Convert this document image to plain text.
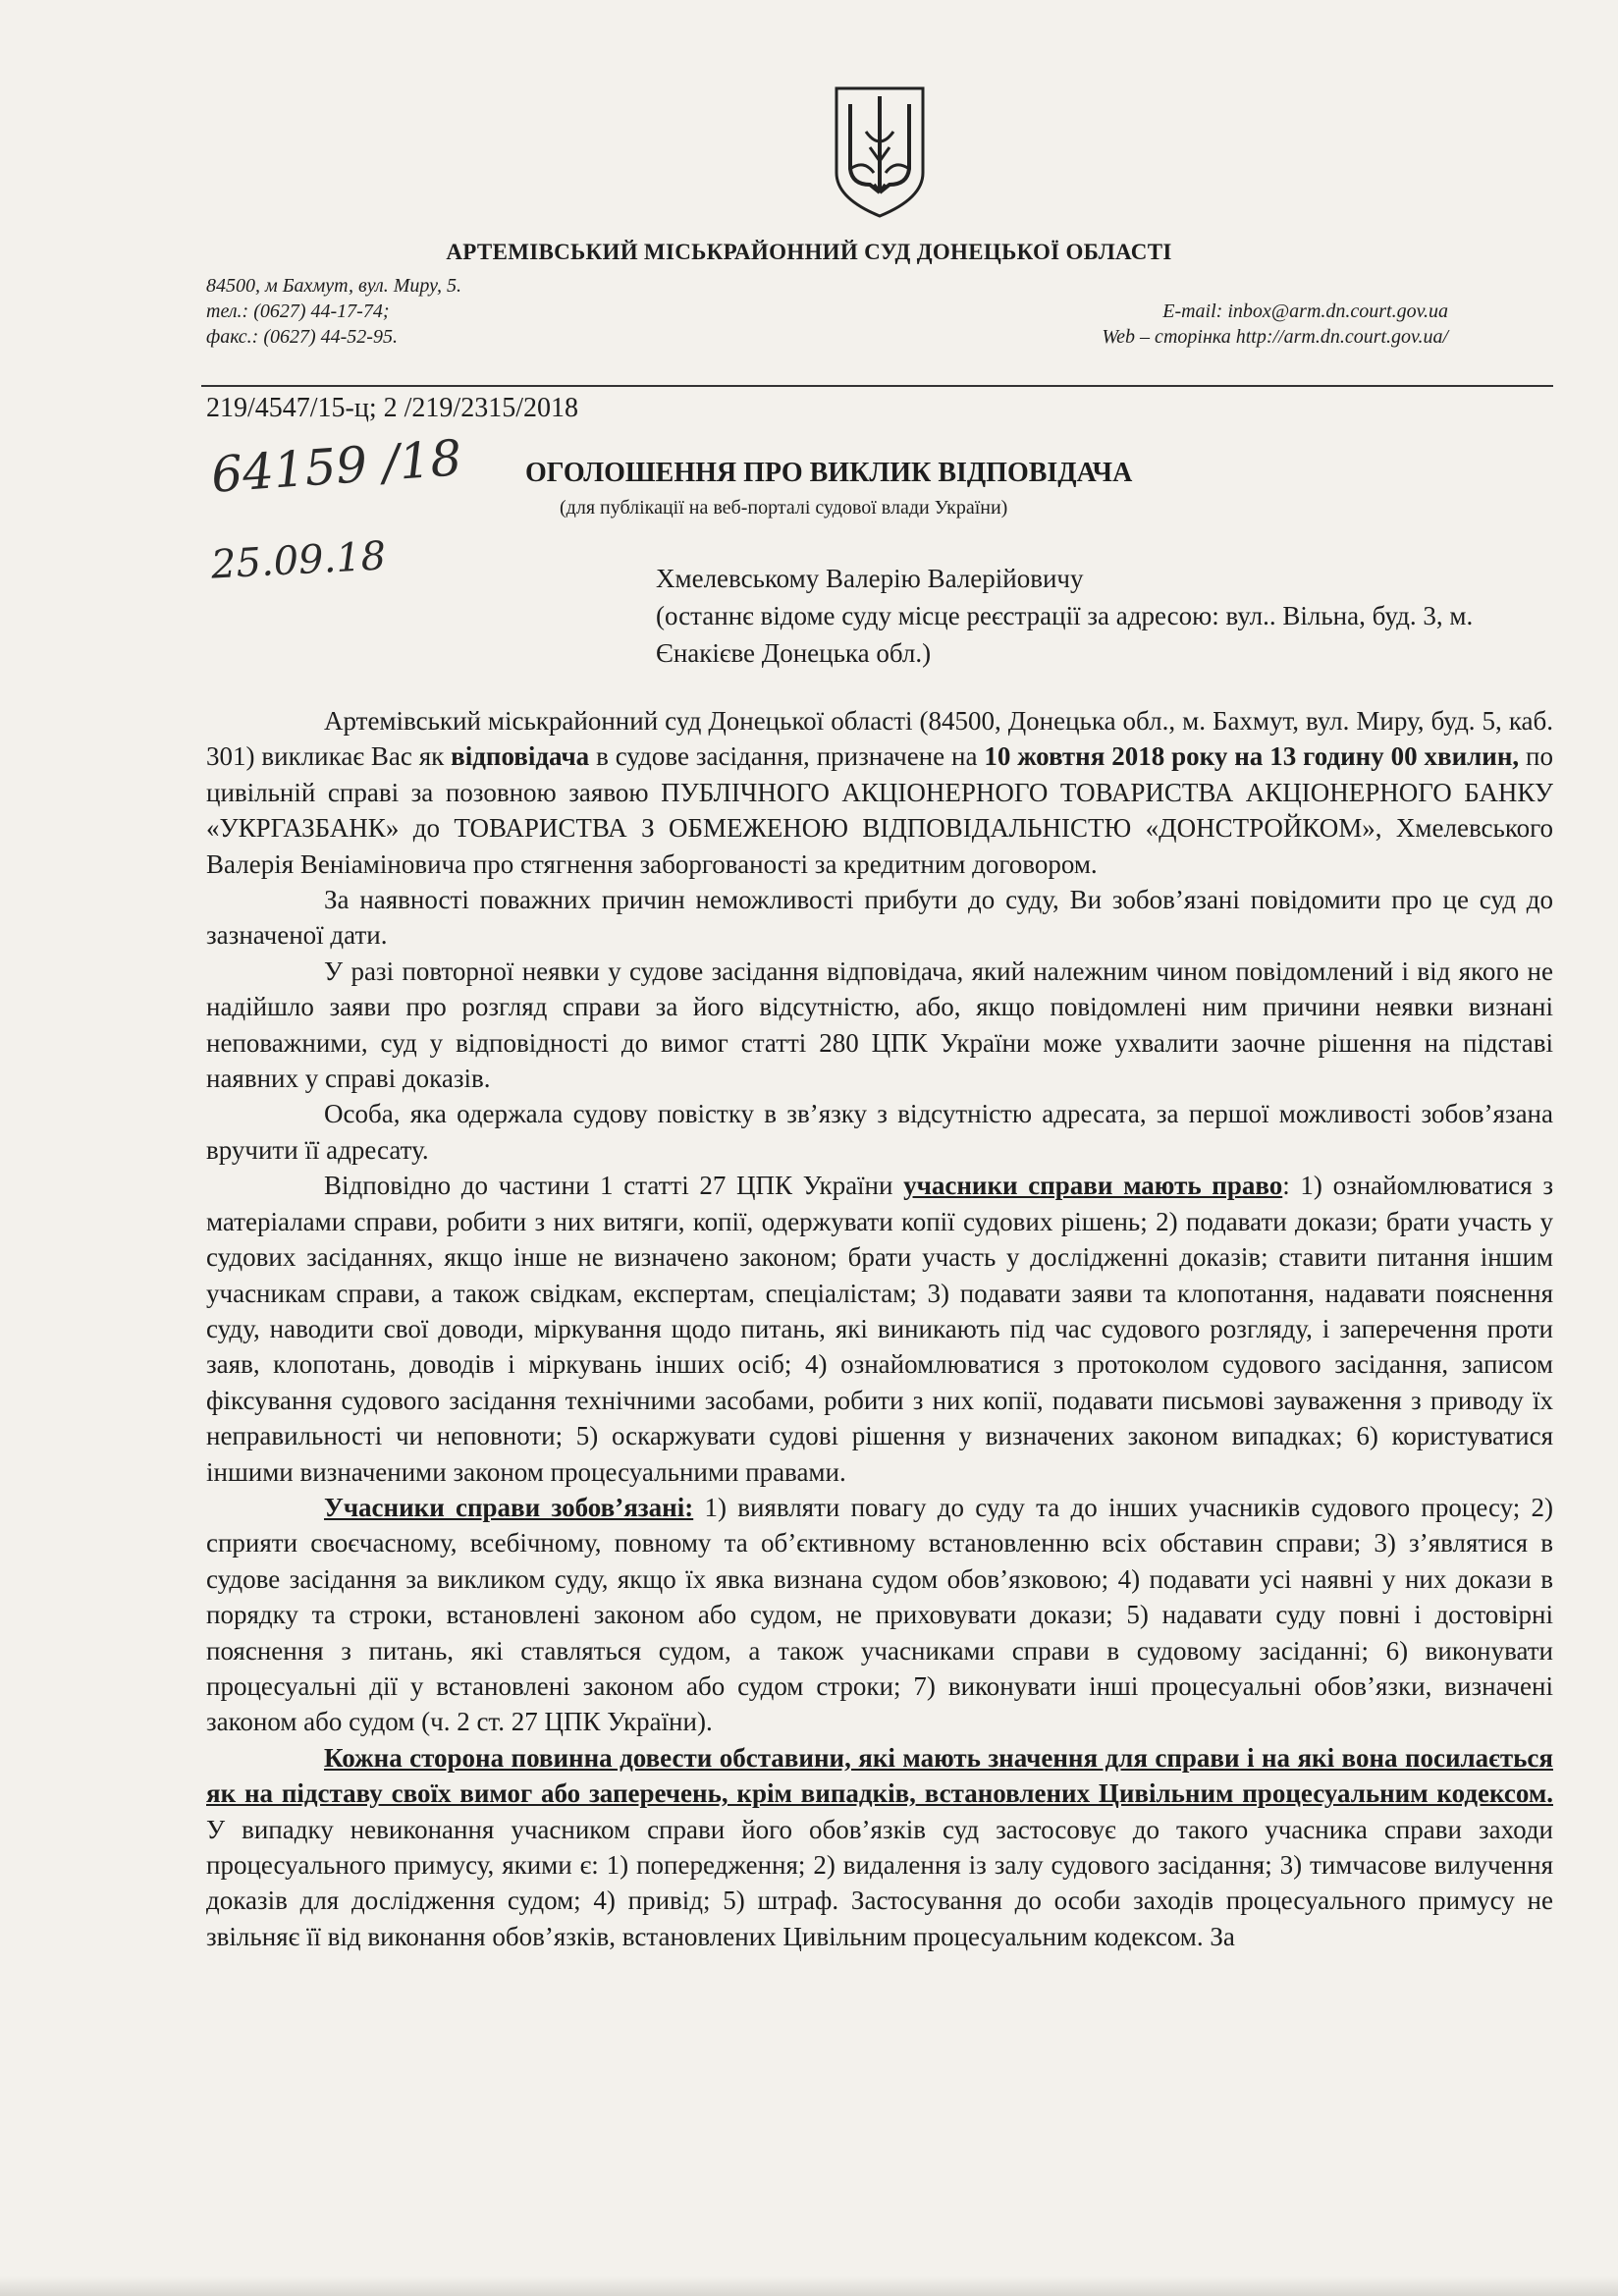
АРТЕМІВСЬКИЙ МІСЬКРАЙОННИЙ СУД ДОНЕЦЬКОЇ ОБЛАСТІ
84500, м Бахмут, вул. Миру, 5.
тел.: (0627) 44-17-74;	E-mail: inbox@arm.dn.court.gov.ua
факс.: (0627) 44-52-95.	Web – сторінка http://arm.dn.court.gov.ua/
219/4547/15-ц; 2 /219/2315/2018
64159 /18
25.09.18
ОГОЛОШЕННЯ ПРО ВИКЛИК ВІДПОВІДАЧА
(для публікації на веб-порталі судової влади України)
Хмелевському Валерію Валерійовичу
(останнє відоме суду місце реєстрації за адресою: вул.. Вільна, буд. 3, м. Єнакієве Донецька обл.)

Артемівський міськрайонний суд Донецької області (84500, Донецька обл., м. Бахмут, вул. Миру, буд. 5, каб. 301) викликає Вас як відповідача в судове засідання, призначене на 10 жовтня 2018 року на 13 годину 00 хвилин, по цивільній справі за позовною заявою ПУБЛІЧНОГО АКЦІОНЕРНОГО ТОВАРИСТВА АКЦІОНЕРНОГО БАНКУ «УКРГАЗБАНК» до ТОВАРИСТВА З ОБМЕЖЕНОЮ ВІДПОВІДАЛЬНІСТЮ «ДОНСТРОЙКОМ», Хмелевського Валерія Веніаміновича про стягнення заборгованості за кредитним договором.

За наявності поважних причин неможливості прибути до суду, Ви зобов’язані повідомити про це суд до зазначеної дати.

У разі повторної неявки у судове засідання відповідача, який належним чином повідомлений і від якого не надійшло заяви про розгляд справи за його відсутністю, або, якщо повідомлені ним причини неявки визнані неповажними, суд у відповідності до вимог статті 280 ЦПК України може ухвалити заочне рішення на підставі наявних у справі доказів.

Особа, яка одержала судову повістку в зв’язку з відсутністю адресата, за першої можливості зобов’язана вручити її адресату.

Відповідно до частини 1 статті 27 ЦПК України учасники справи мають право: 1) ознайомлюватися з матеріалами справи, робити з них витяги, копії, одержувати копії судових рішень; 2) подавати докази; брати участь у судових засіданнях, якщо інше не визначено законом; брати участь у дослідженні доказів; ставити питання іншим учасникам справи, а також свідкам, експертам, спеціалістам; 3) подавати заяви та клопотання, надавати пояснення суду, наводити свої доводи, міркування щодо питань, які виникають під час судового розгляду, і заперечення проти заяв, клопотань, доводів і міркувань інших осіб; 4) ознайомлюватися з протоколом судового засідання, записом фіксування судового засідання технічними засобами, робити з них копії, подавати письмові зауваження з приводу їх неправильності чи неповноти; 5) оскаржувати судові рішення у визначених законом випадках; 6) користуватися іншими визначеними законом процесуальними правами.

Учасники справи зобов’язані: 1) виявляти повагу до суду та до інших учасників судового процесу; 2) сприяти своєчасному, всебічному, повному та об’єктивному встановленню всіх обставин справи; 3) з’являтися в судове засідання за викликом суду, якщо їх явка визнана судом обов’язковою; 4) подавати усі наявні у них докази в порядку та строки, встановлені законом або судом, не приховувати докази; 5) надавати суду повні і достовірні пояснення з питань, які ставляться судом, а також учасниками справи в судовому засіданні; 6) виконувати процесуальні дії у встановлені законом або судом строки; 7) виконувати інші процесуальні обов’язки, визначені законом або судом (ч. 2 ст. 27 ЦПК України).

Кожна сторона повинна довести обставини, які мають значення для справи і на які вона посилається як на підставу своїх вимог або заперечень, крім випадків, встановлених Цивільним процесуальним кодексом. У випадку невиконання учасником справи його обов’язків суд застосовує до такого учасника справи заходи процесуального примусу, якими є: 1) попередження; 2) видалення із залу судового засідання; 3) тимчасове вилучення доказів для дослідження судом; 4) привід; 5) штраф. Застосування до особи заходів процесуального примусу не звільняє її від виконання обов’язків, встановлених Цивільним процесуальним кодексом. За
